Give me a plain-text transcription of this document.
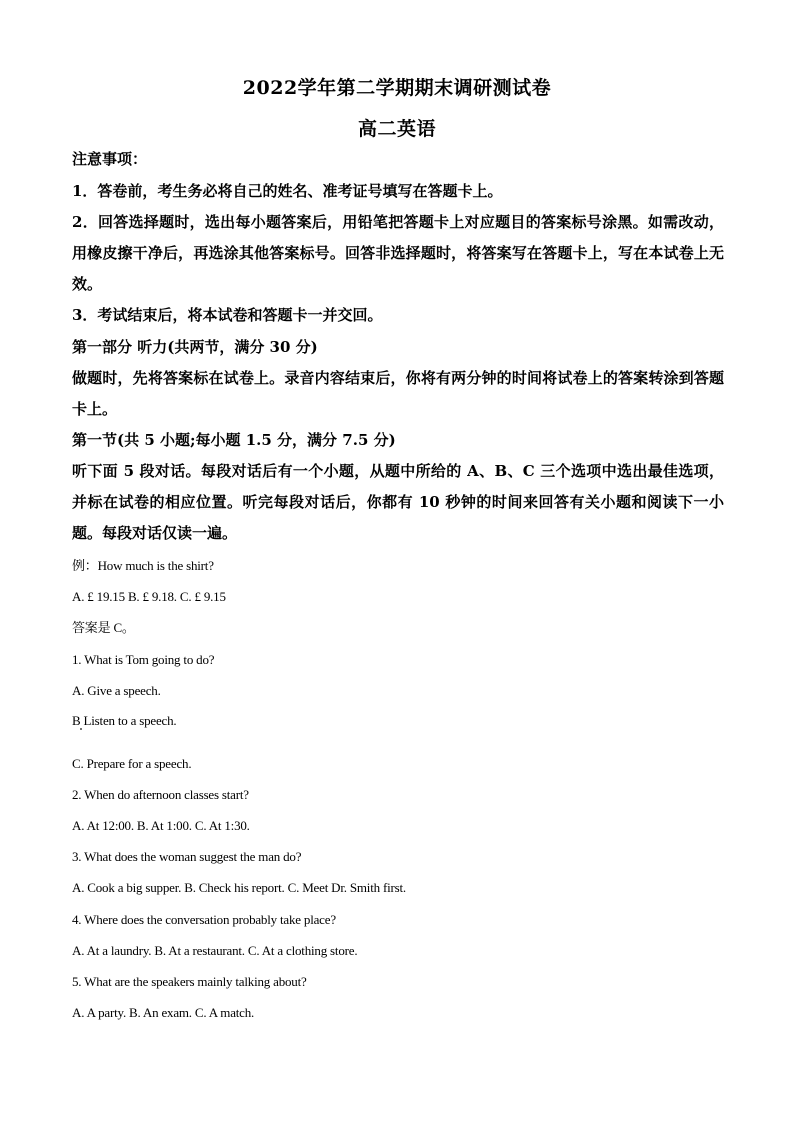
2022学年第二学期期末调研测试卷
高二英语
注意事项：
1．答卷前，考生务必将自己的姓名、准考证号填写在答题卡上。
2．回答选择题时，选出每小题答案后，用铅笔把答题卡上对应题目的答案标号涂黑。如需改动，用橡皮擦干净后，再选涂其他答案标号。回答非选择题时，将答案写在答题卡上，写在本试卷上无效。
3．考试结束后，将本试卷和答题卡一并交回。
第一部分 听力(共两节，满分 30 分)
做题时，先将答案标在试卷上。录音内容结束后，你将有两分钟的时间将试卷上的答案转涂到答题卡上。
第一节(共 5 小题;每小题 1.5 分，满分 7.5 分)
听下面 5 段对话。每段对话后有一个小题，从题中所给的 A、B、C 三个选项中选出最佳选项，并标在试卷的相应位置。听完每段对话后，你都有 10 秒钟的时间来回答有关小题和阅读下一小题。每段对话仅读一遍。
例：How much is the shirt?
A. £ 19.15 B. £ 9.18. C. £ 9.15
答案是 C。
1. What is Tom going to do?
A. Give a speech.
B Listen to a speech.
C. Prepare for a speech.
2. When do afternoon classes start?
A. At 12:00. B. At 1:00. C. At 1:30.
3. What does the woman suggest the man do?
A. Cook a big supper. B. Check his report. C. Meet Dr. Smith first.
4. Where does the conversation probably take place?
A. At a laundry. B. At a restaurant. C. At a clothing store.
5. What are the speakers mainly talking about?
A. A party. B. An exam. C. A match.
